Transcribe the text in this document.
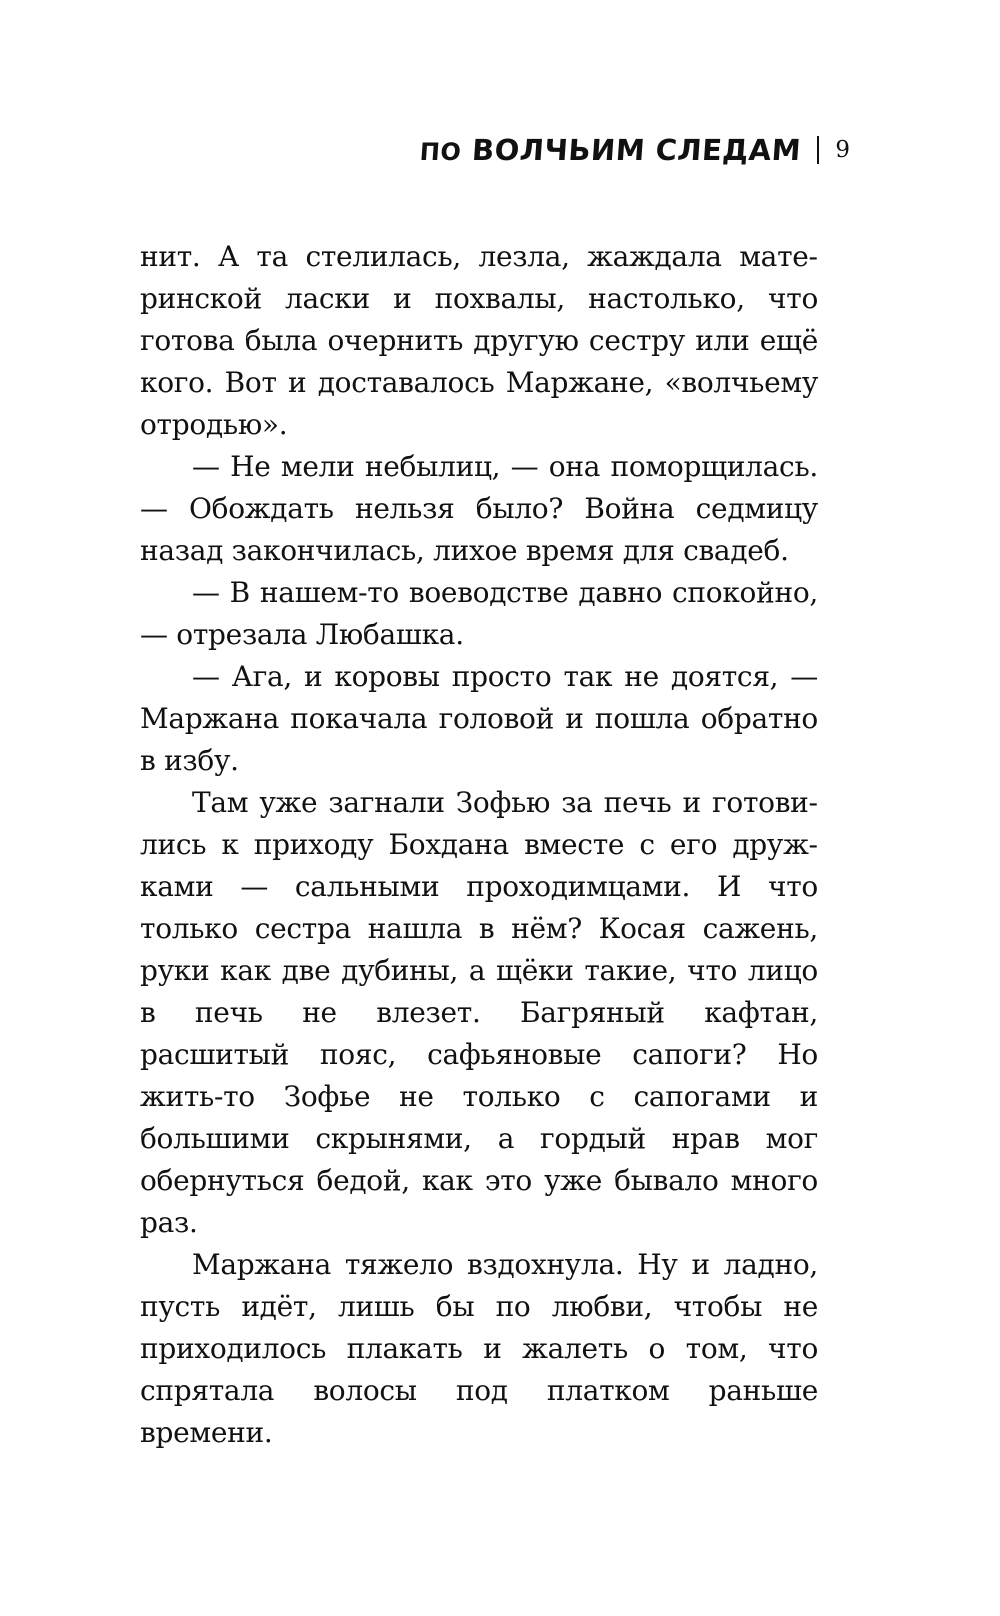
ПО ВОЛЧЬИМ СЛЕДАМ 9

нит. А та стелилась, лезла, жаждала материнской ласки и похвалы, настолько, что готова была очернить другую сестру или ещё кого. Вот и доставалось Маржане, «волчьему отродью».

— Не мели небылиц, — она поморщилась. — Обождать нельзя было? Война седмицу назад закончилась, лихое время для свадеб.

— В нашем-то воеводстве давно спокойно, — отрезала Любашка.

— Ага, и коровы просто так не доятся, — Маржана покачала головой и пошла обратно в избу.

Там уже загнали Зофью за печь и готовились к приходу Бохдана вместе с его дружками — сальными проходимцами. И что только сестра нашла в нём? Косая сажень, руки как две дубины, а щёки такие, что лицо в печь не влезет. Багряный кафтан, расшитый пояс, сафьяновые сапоги? Но жить-то Зофье не только с сапогами и большими скрынями, а гордый нрав мог обернуться бедой, как это уже бывало много раз.

Маржана тяжело вздохнула. Ну и ладно, пусть идёт, лишь бы по любви, чтобы не приходилось плакать и жалеть о том, что спрятала волосы под платком раньше времени.
